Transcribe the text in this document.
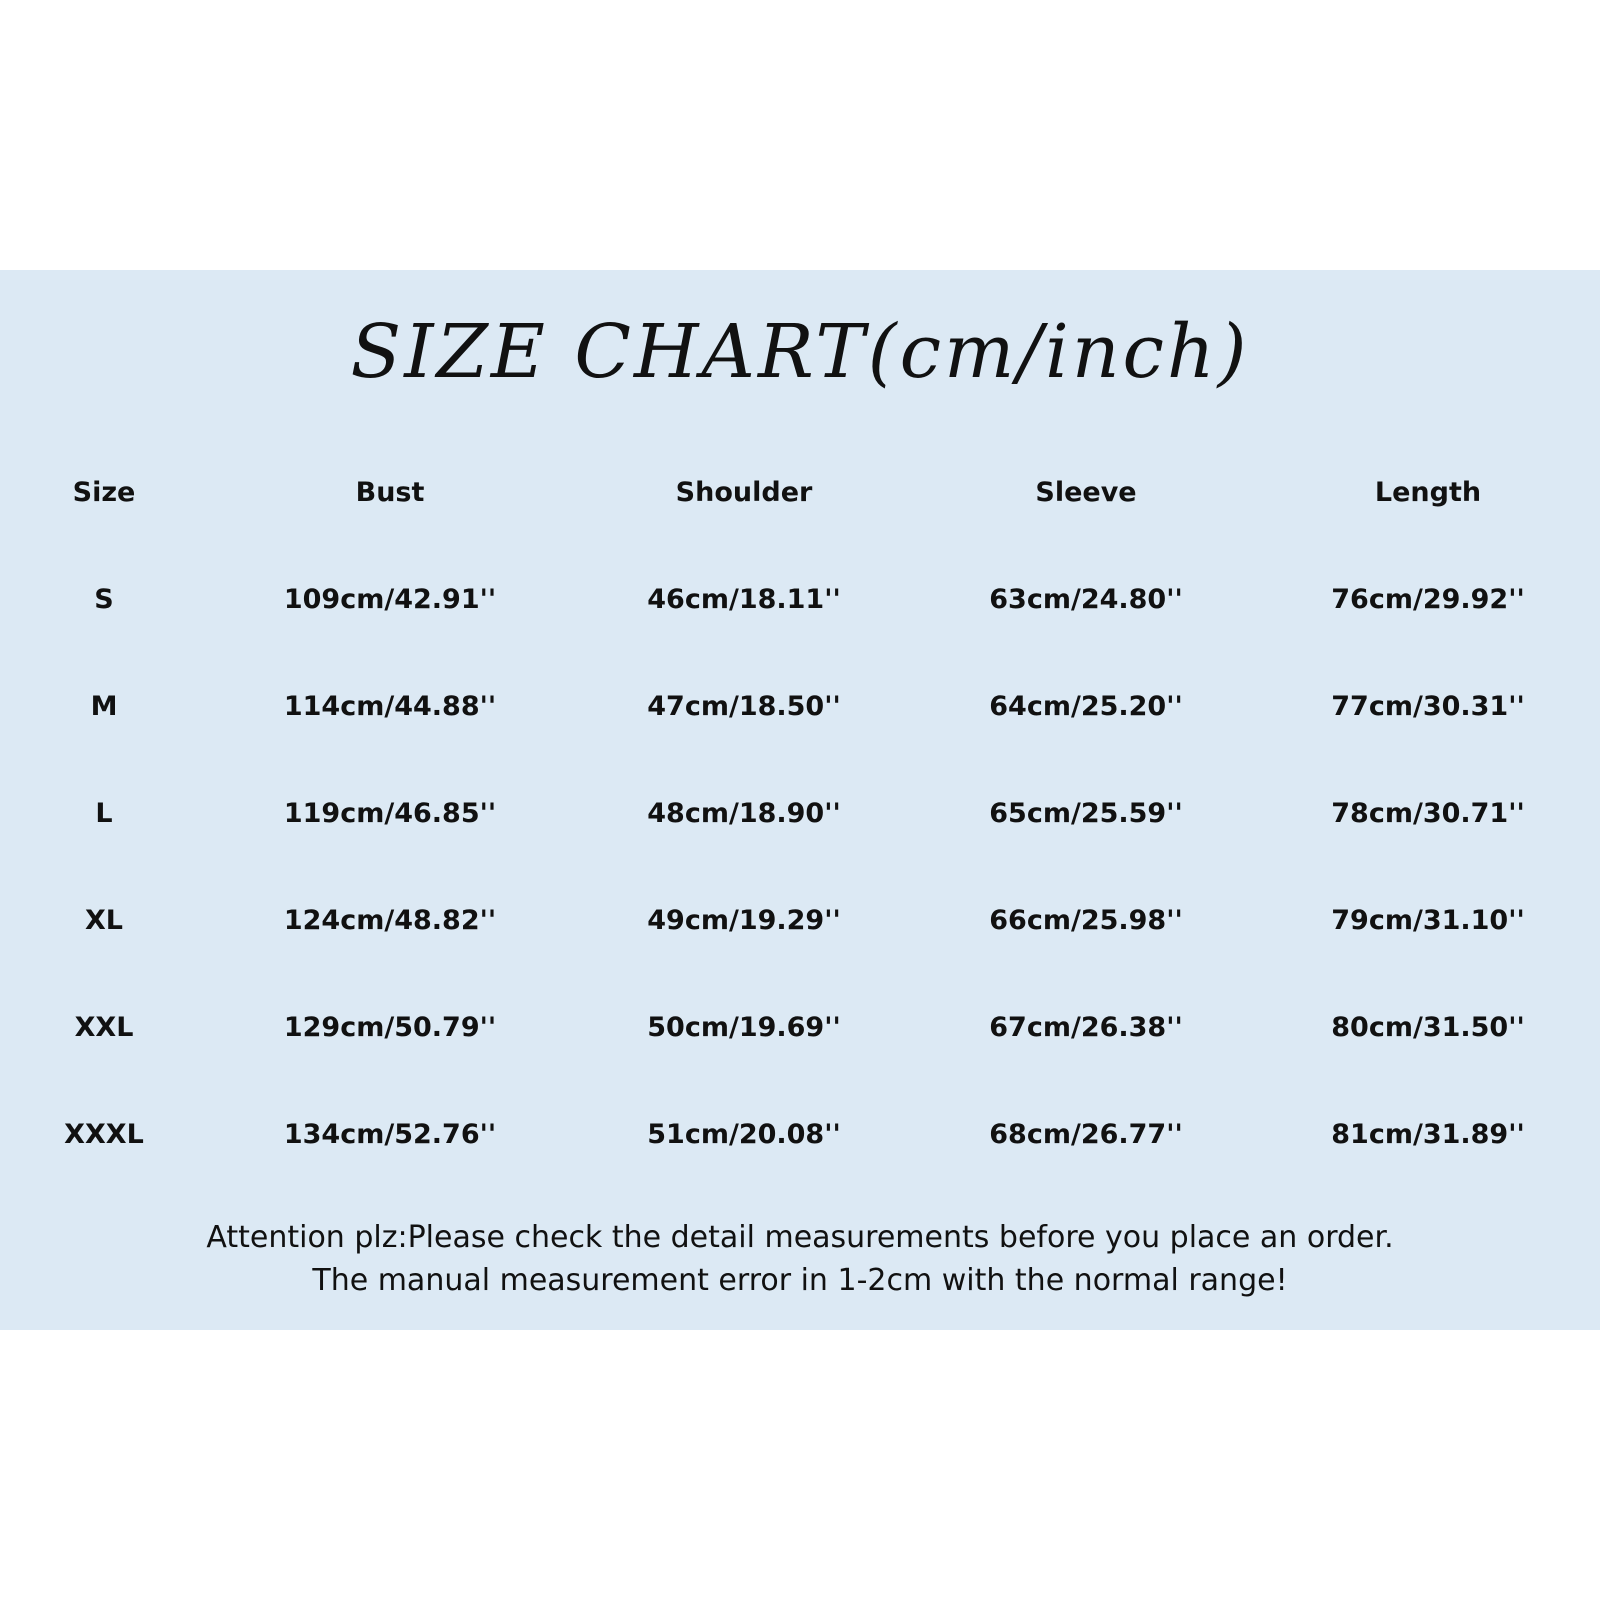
SIZE CHART(cm/inch)
Size	Bust	Shoulder	Sleeve	Length
S	109cm/42.91''	46cm/18.11''	63cm/24.80''	76cm/29.92''
M	114cm/44.88''	47cm/18.50''	64cm/25.20''	77cm/30.31''
L	119cm/46.85''	48cm/18.90''	65cm/25.59''	78cm/30.71''
XL	124cm/48.82''	49cm/19.29''	66cm/25.98''	79cm/31.10''
XXL	129cm/50.79''	50cm/19.69''	67cm/26.38''	80cm/31.50''
XXXL	134cm/52.76''	51cm/20.08''	68cm/26.77''	81cm/31.89''
Attention plz:Please check the detail measurements before you place an order.
The manual measurement error in 1-2cm with the normal range!
